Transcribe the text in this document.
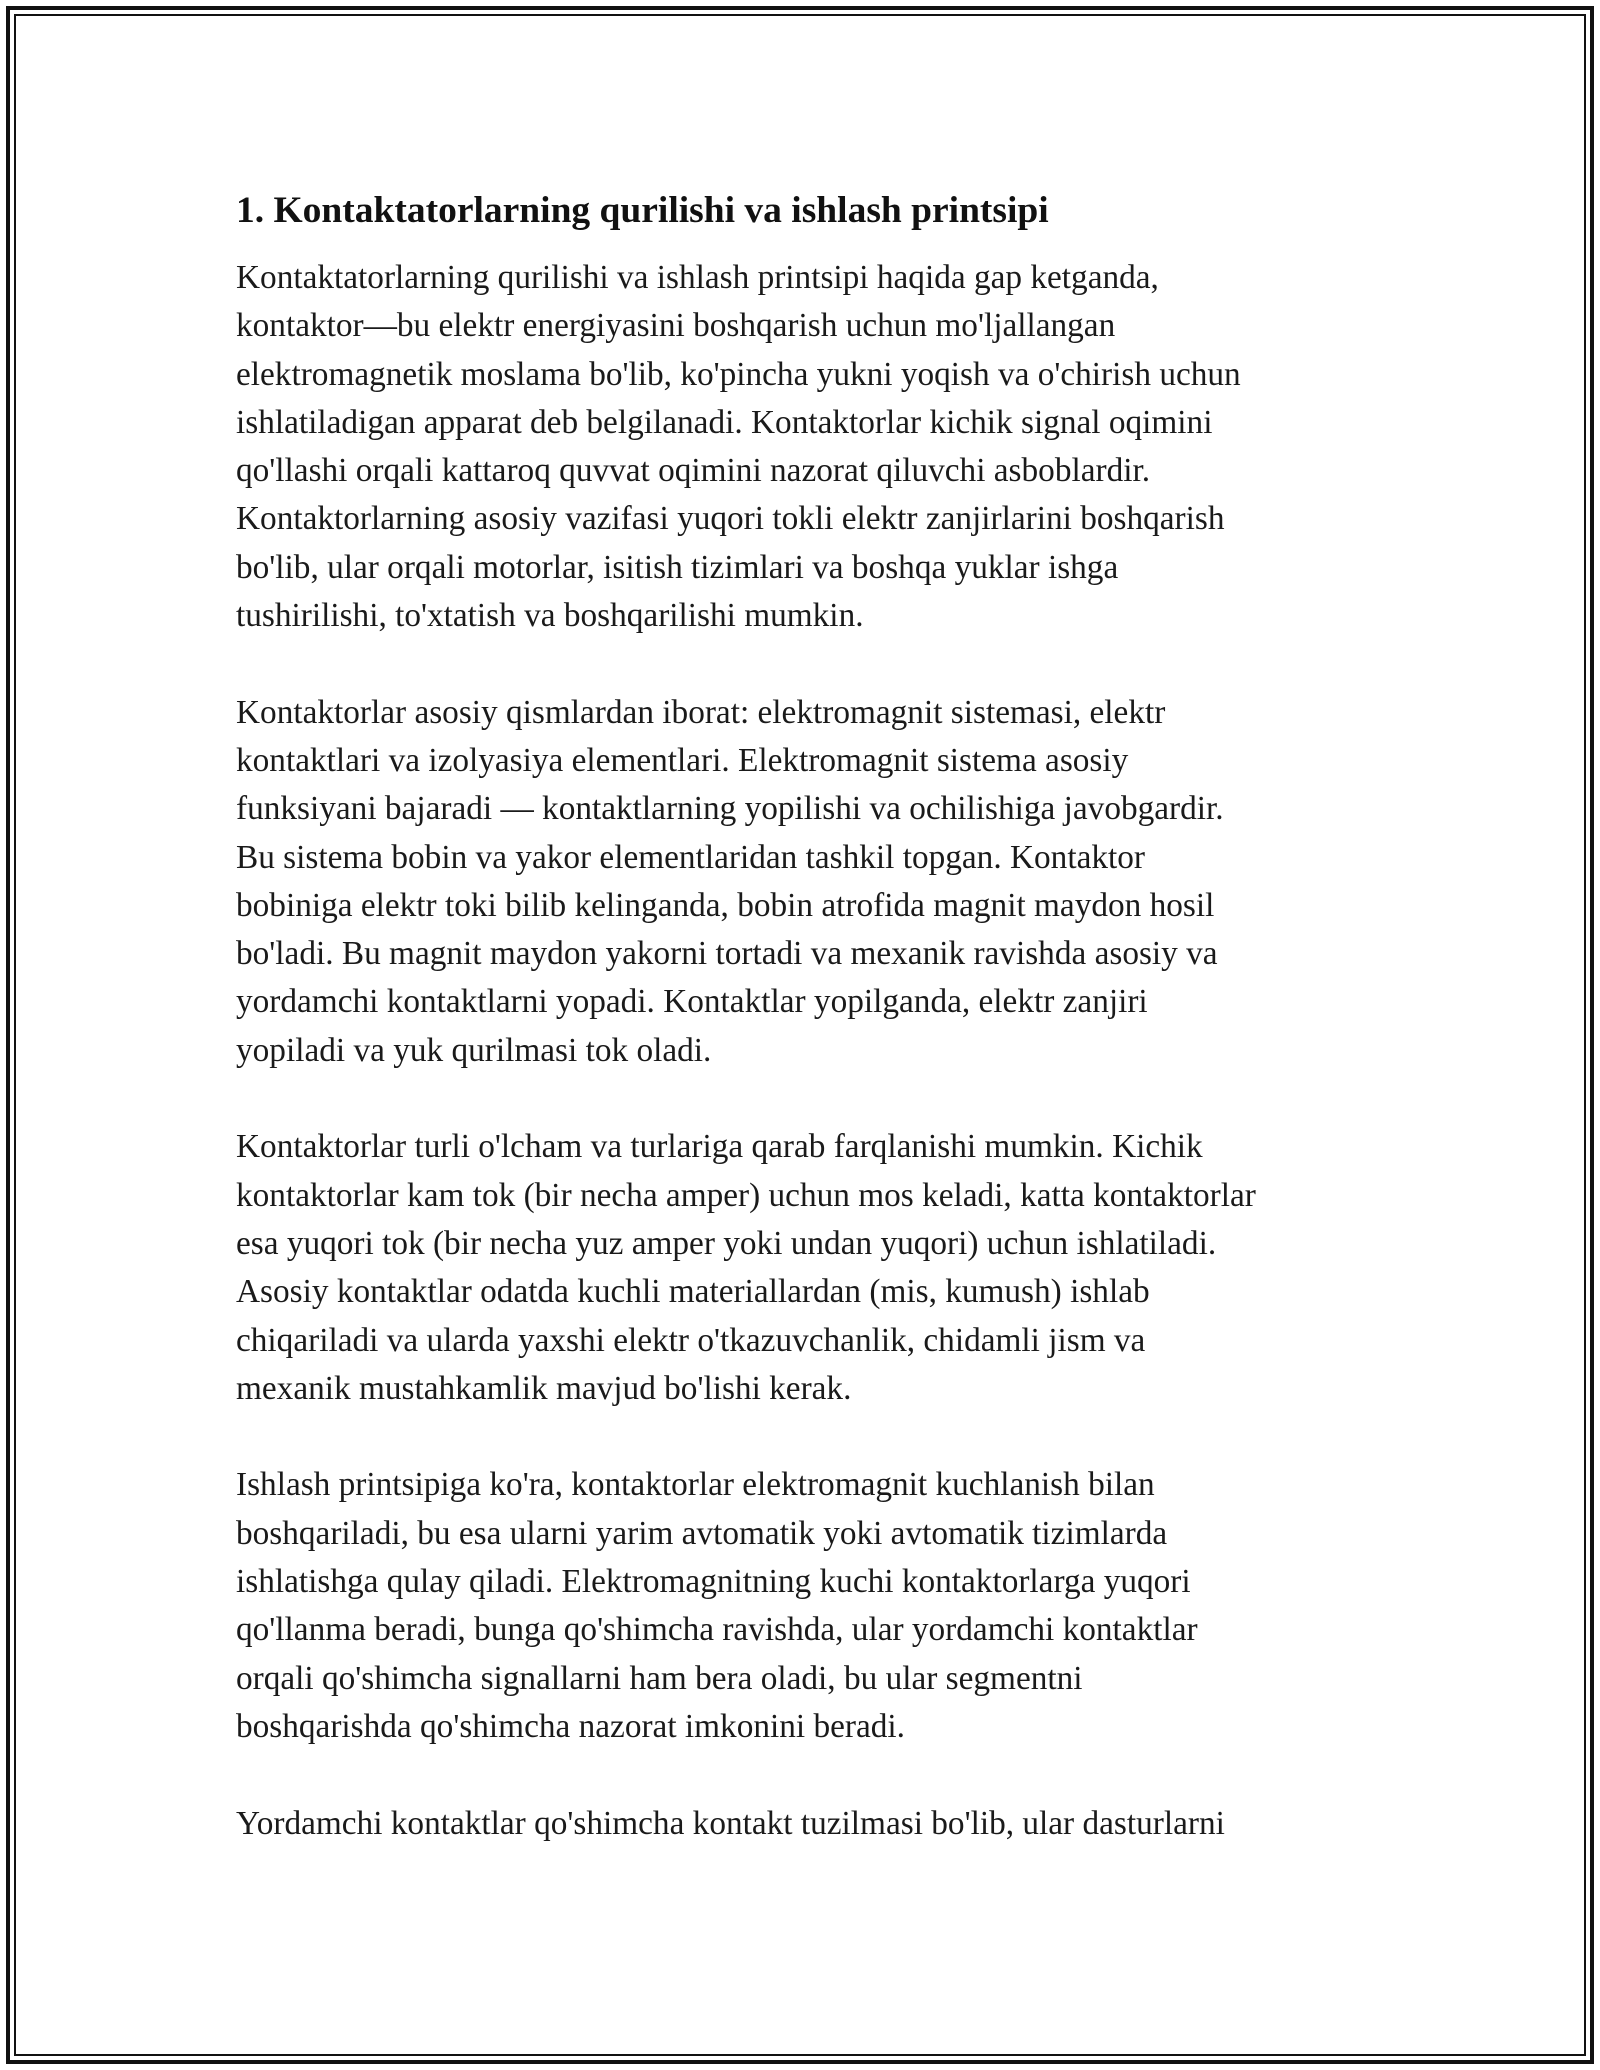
1. Kontaktatorlarning qurilishi va ishlash printsipi

Kontaktatorlarning qurilishi va ishlash printsipi haqida gap ketganda,
kontaktor—bu elektr energiyasini boshqarish uchun mo'ljallangan
elektromagnetik moslama bo'lib, ko'pincha yukni yoqish va o'chirish uchun
ishlatiladigan apparat deb belgilanadi. Kontaktorlar kichik signal oqimini
qo'llashi orqali kattaroq quvvat oqimini nazorat qiluvchi asboblardir.
Kontaktorlarning asosiy vazifasi yuqori tokli elektr zanjirlarini boshqarish
bo'lib, ular orqali motorlar, isitish tizimlari va boshqa yuklar ishga
tushirilishi, to'xtatish va boshqarilishi mumkin.

Kontaktorlar asosiy qismlardan iborat: elektromagnit sistemasi, elektr
kontaktlari va izolyasiya elementlari. Elektromagnit sistema asosiy
funksiyani bajaradi — kontaktlarning yopilishi va ochilishiga javobgardir.
Bu sistema bobin va yakor elementlaridan tashkil topgan. Kontaktor
bobiniga elektr toki bilib kelinganda, bobin atrofida magnit maydon hosil
bo'ladi. Bu magnit maydon yakorni tortadi va mexanik ravishda asosiy va
yordamchi kontaktlarni yopadi. Kontaktlar yopilganda, elektr zanjiri
yopiladi va yuk qurilmasi tok oladi.

Kontaktorlar turli o'lcham va turlariga qarab farqlanishi mumkin. Kichik
kontaktorlar kam tok (bir necha amper) uchun mos keladi, katta kontaktorlar
esa yuqori tok (bir necha yuz amper yoki undan yuqori) uchun ishlatiladi.
Asosiy kontaktlar odatda kuchli materiallardan (mis, kumush) ishlab
chiqariladi va ularda yaxshi elektr o'tkazuvchanlik, chidamli jism va
mexanik mustahkamlik mavjud bo'lishi kerak.

Ishlash printsipiga ko'ra, kontaktorlar elektromagnit kuchlanish bilan
boshqariladi, bu esa ularni yarim avtomatik yoki avtomatik tizimlarda
ishlatishga qulay qiladi. Elektromagnitning kuchi kontaktorlarga yuqori
qo'llanma beradi, bunga qo'shimcha ravishda, ular yordamchi kontaktlar
orqali qo'shimcha signallarni ham bera oladi, bu ular segmentni
boshqarishda qo'shimcha nazorat imkonini beradi.

Yordamchi kontaktlar qo'shimcha kontakt tuzilmasi bo'lib, ular dasturlarni
